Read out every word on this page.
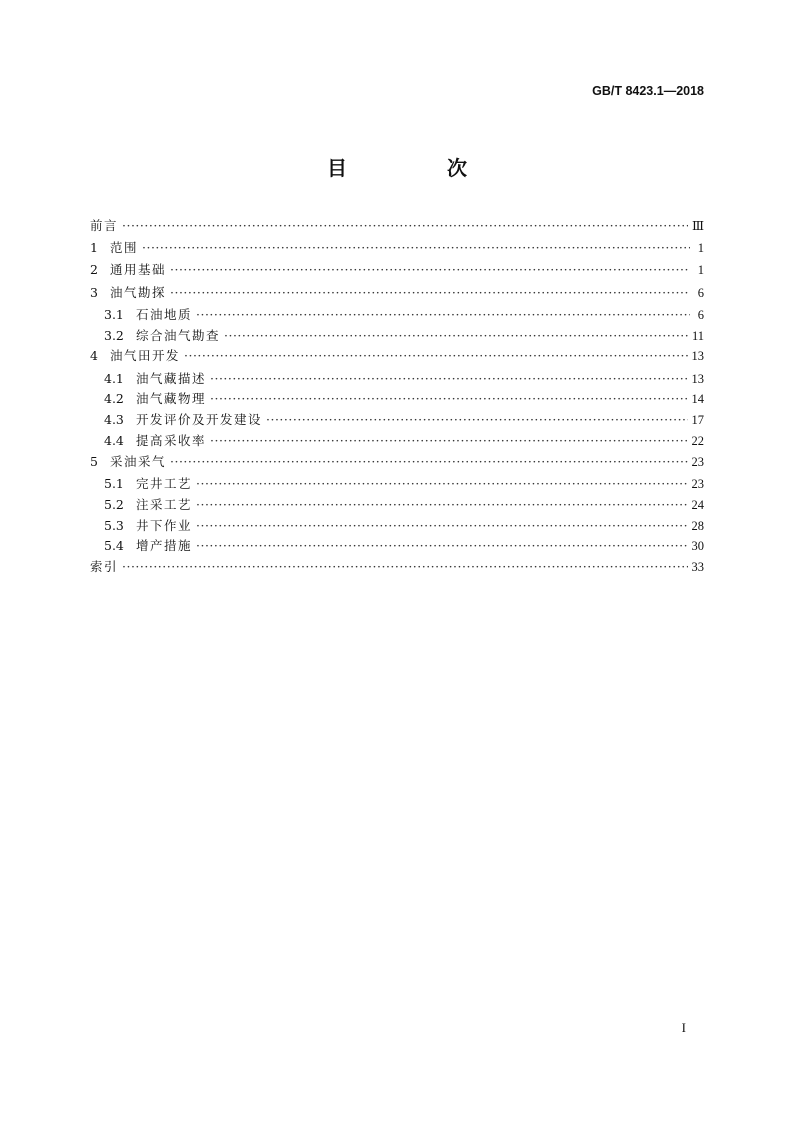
GB/T 8423.1—2018
目　次
前言 ·····	Ⅲ
1 范围 ·····	1
2 通用基础 ·····	1
3 油气勘探 ·····	6
3.1 石油地质 ·····	6
3.2 综合油气勘查 ·····	11
4 油气田开发 ·····	13
4.1 油气藏描述 ·····	13
4.2 油气藏物理 ·····	14
4.3 开发评价及开发建设 ·····	17
4.4 提高采收率 ·····	22
5 采油采气 ·····	23
5.1 完井工艺 ·····	23
5.2 注采工艺 ·····	24
5.3 井下作业 ·····	28
5.4 增产措施 ·····	30
索引 ·····	33
I
